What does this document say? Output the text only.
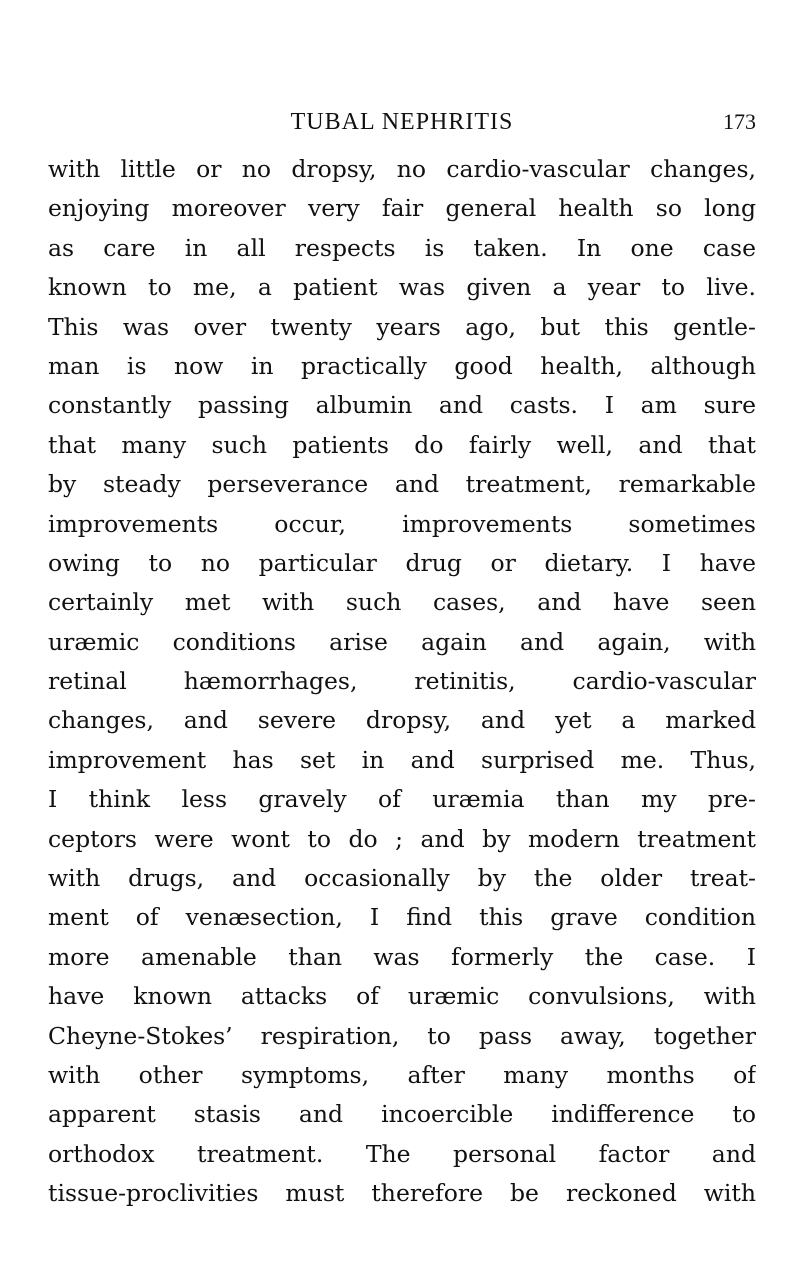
TUBAL NEPHRITIS	173
with little or no dropsy, no cardio-vascular changes,
enjoying moreover very fair general health so long
as care in all respects is taken. In one case
known to me, a patient was given a year to live.
This was over twenty years ago, but this gentle-
man is now in practically good health, although
constantly passing albumin and casts. I am sure
that many such patients do fairly well, and that
by steady perseverance and treatment, remarkable
improvements occur, improvements sometimes
owing to no particular drug or dietary. I have
certainly met with such cases, and have seen
uræmic conditions arise again and again, with
retinal hæmorrhages, retinitis, cardio-vascular
changes, and severe dropsy, and yet a marked
improvement has set in and surprised me. Thus,
I think less gravely of uræmia than my pre-
ceptors were wont to do ; and by modern treatment
with drugs, and occasionally by the older treat-
ment of venæsection, I find this grave condition
more amenable than was formerly the case. I
have known attacks of uræmic convulsions, with
Cheyne-Stokes’ respiration, to pass away, together
with other symptoms, after many months of
apparent stasis and incoercible indifference to
orthodox treatment. The personal factor and
tissue-proclivities must therefore be reckoned with
